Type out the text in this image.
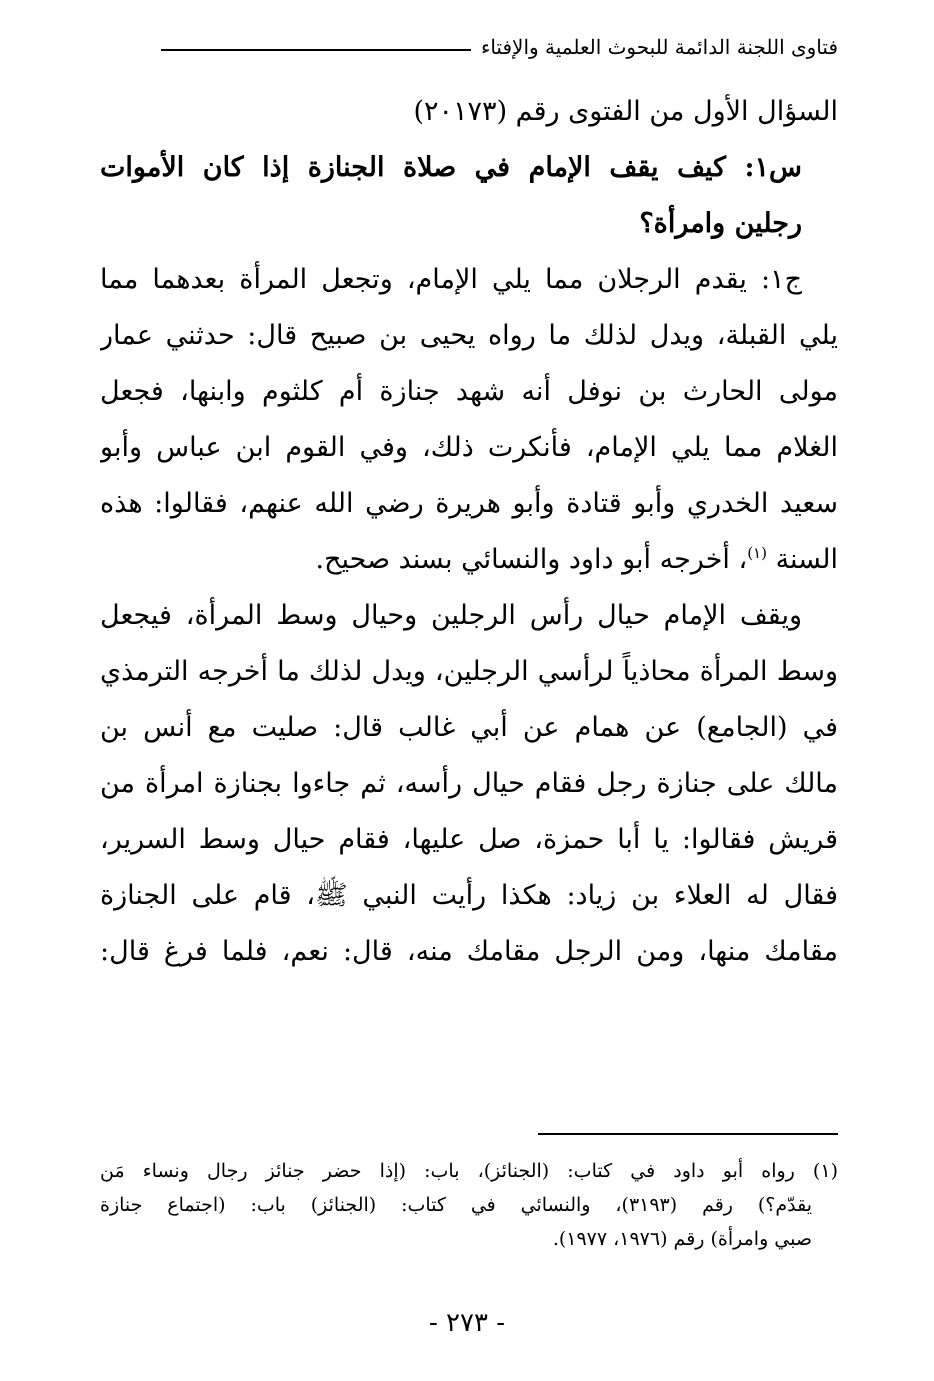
فتاوى اللجنة الدائمة للبحوث العلمية والإفتاء
السؤال الأول من الفتوى رقم (٢٠١٧٣)
س١: كيف يقف الإمام في صلاة الجنازة إذا كان الأموات
رجلين وامرأة؟
ج١: يقدم الرجلان مما يلي الإمام، وتجعل المرأة بعدهما مما
يلي القبلة، ويدل لذلك ما رواه يحيى بن صبيح قال: حدثني عمار
مولى الحارث بن نوفل أنه شهد جنازة أم كلثوم وابنها، فجعل
الغلام مما يلي الإمام، فأنكرت ذلك، وفي القوم ابن عباس وأبو
سعيد الخدري وأبو قتادة وأبو هريرة رضي الله عنهم، فقالوا: هذه
السنة $^{(١)}$، أخرجه أبو داود والنسائي بسند صحيح.
ويقف الإمام حيال رأس الرجلين وحيال وسط المرأة، فيجعل
وسط المرأة محاذياً لرأسي الرجلين، ويدل لذلك ما أخرجه الترمذي
في (الجامع) عن همام عن أبي غالب قال: صليت مع أنس بن
مالك على جنازة رجل فقام حيال رأسه، ثم جاءوا بجنازة امرأة من
قريش فقالوا: يا أبا حمزة، صل عليها، فقام حيال وسط السرير،
فقال له العلاء بن زياد: هكذا رأيت النبي ﷺ، قام على الجنازة
مقامك منها، ومن الرجل مقامك منه، قال: نعم، فلما فرغ قال:
(١) رواه أبو داود في كتاب: (الجنائز)، باب: (إذا حضر جنائز رجال ونساء مَن
يقدّم؟) رقم (٣١٩٣)، والنسائي في كتاب: (الجنائز) باب: (اجتماع جنازة
صبي وامرأة) رقم (١٩٧٦، ١٩٧٧).
- ٢٧٣ -
